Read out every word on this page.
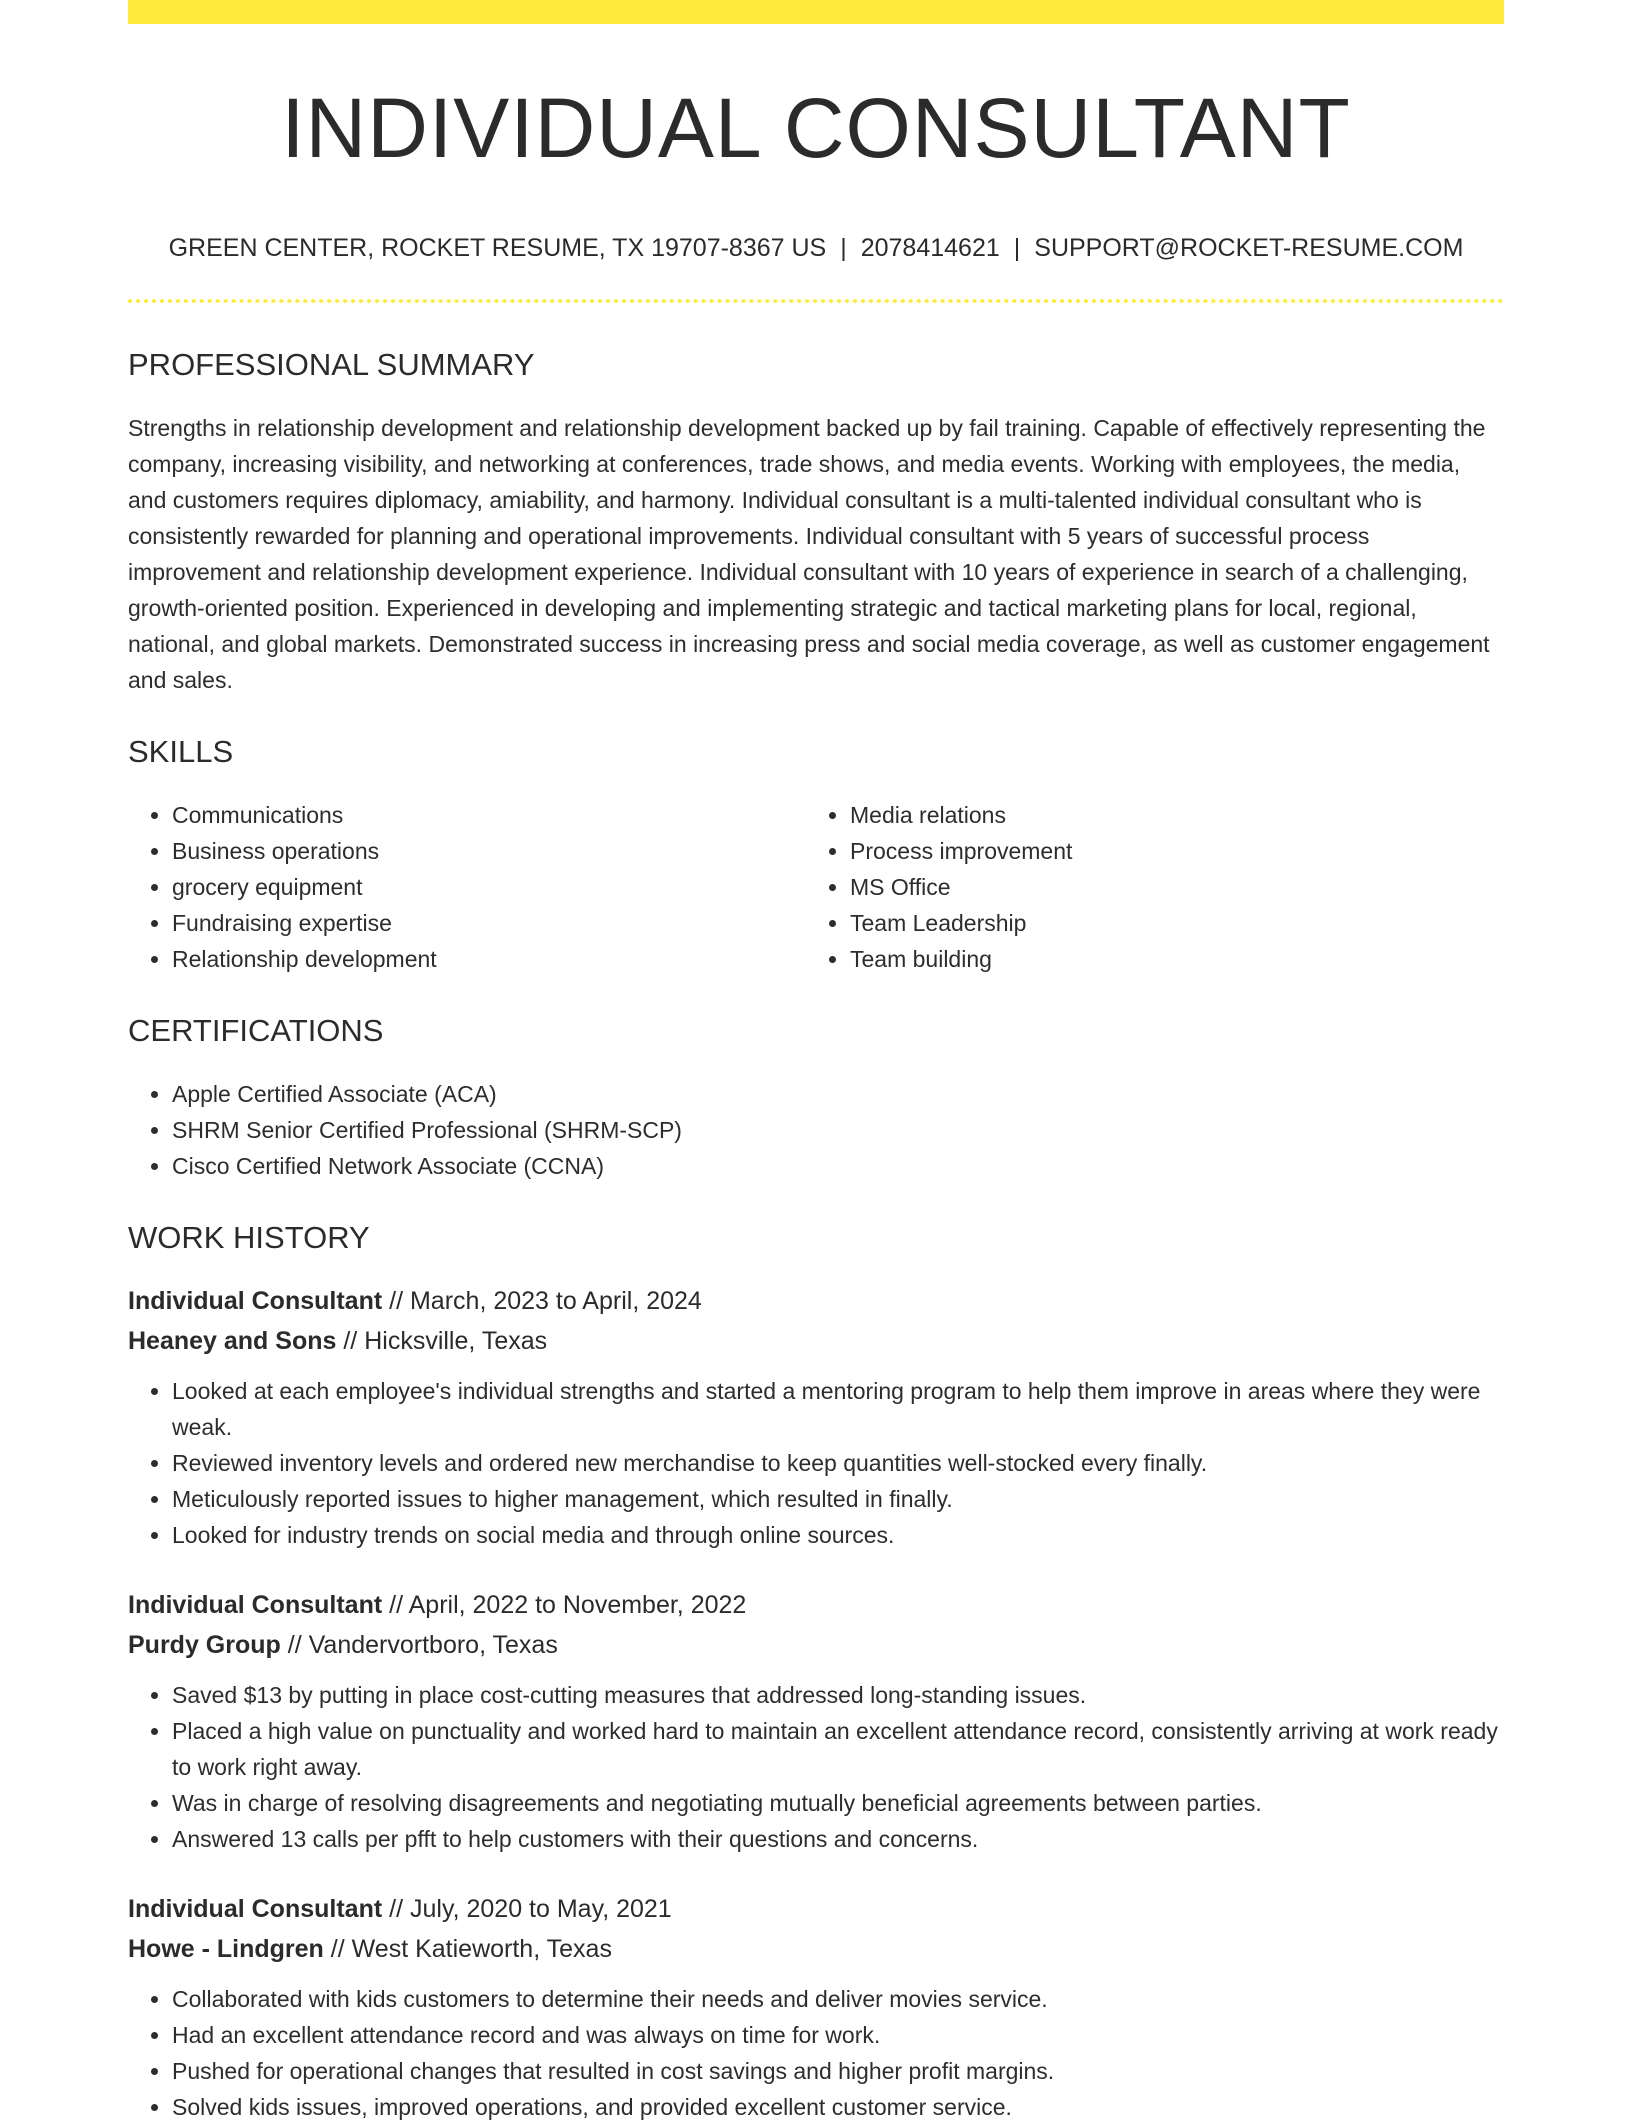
INDIVIDUAL CONSULTANT
GREEN CENTER, ROCKET RESUME, TX 19707-8367 US | 2078414621 | SUPPORT@ROCKET-RESUME.COM
PROFESSIONAL SUMMARY

Strengths in relationship development and relationship development backed up by fail training. Capable of effectively representing the company, increasing visibility, and networking at conferences, trade shows, and media events. Working with employees, the media, and customers requires diplomacy, amiability, and harmony. Individual consultant is a multi-talented individual consultant who is consistently rewarded for planning and operational improvements. Individual consultant with 5 years of successful process improvement and relationship development experience. Individual consultant with 10 years of experience in search of a challenging, growth-oriented position. Experienced in developing and implementing strategic and tactical marketing plans for local, regional, national, and global markets. Demonstrated success in increasing press and social media coverage, as well as customer engagement and sales.

SKILLS
• Communications
• Business operations
• grocery equipment
• Fundraising expertise
• Relationship development
• Media relations
• Process improvement
• MS Office
• Team Leadership
• Team building
CERTIFICATIONS
• Apple Certified Associate (ACA)
• SHRM Senior Certified Professional (SHRM-SCP)
• Cisco Certified Network Associate (CCNA)
WORK HISTORY
Individual Consultant // March, 2023 to April, 2024
Heaney and Sons // Hicksville, Texas
• Looked at each employee's individual strengths and started a mentoring program to help them improve in areas where they were weak.
• Reviewed inventory levels and ordered new merchandise to keep quantities well-stocked every finally.
• Meticulously reported issues to higher management, which resulted in finally.
• Looked for industry trends on social media and through online sources.
Individual Consultant // April, 2022 to November, 2022
Purdy Group // Vandervortboro, Texas
• Saved $13 by putting in place cost-cutting measures that addressed long-standing issues.
• Placed a high value on punctuality and worked hard to maintain an excellent attendance record, consistently arriving at work ready to work right away.
• Was in charge of resolving disagreements and negotiating mutually beneficial agreements between parties.
• Answered 13 calls per pfft to help customers with their questions and concerns.
Individual Consultant // July, 2020 to May, 2021
Howe - Lindgren // West Katieworth, Texas
• Collaborated with kids customers to determine their needs and deliver movies service.
• Had an excellent attendance record and was always on time for work.
• Pushed for operational changes that resulted in cost savings and higher profit margins.
• Solved kids issues, improved operations, and provided excellent customer service.
